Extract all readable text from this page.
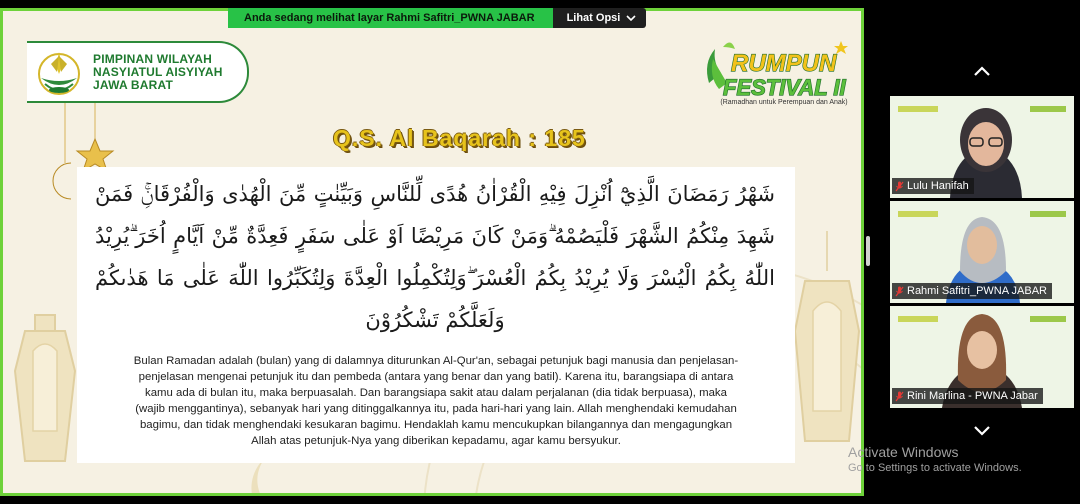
PIMPINAN WILAYAH
NASYIATUL AISYIYAH
JAWA BARAT
RUMPUN
FESTIVAL II
(Ramadhan untuk Perempuan dan Anak)
Q.S. Al Baqarah : 185
شَهْرُ رَمَضَانَ الَّذِيْٓ اُنْزِلَ فِيْهِ الْقُرْاٰنُ هُدًى لِّلنَّاسِ وَبَيِّنٰتٍ مِّنَ الْهُدٰى وَالْفُرْقَانِۚ فَمَنْ شَهِدَ مِنْكُمُ الشَّهْرَ فَلْيَصُمْهُ ۗوَمَنْ كَانَ مَرِيْضًا اَوْ عَلٰى سَفَرٍ فَعِدَّةٌ مِّنْ اَيَّامٍ اُخَرَ ۗيُرِيْدُ اللّٰهُ بِكُمُ الْيُسْرَ وَلَا يُرِيْدُ بِكُمُ الْعُسْرَ ۖوَلِتُكْمِلُوا الْعِدَّةَ وَلِتُكَبِّرُوا اللّٰهَ عَلٰى مَا هَدٰىكُمْ وَلَعَلَّكُمْ تَشْكُرُوْنَ
Bulan Ramadan adalah (bulan) yang di dalamnya diturunkan Al-Qur'an, sebagai petunjuk bagi manusia dan penjelasan-
penjelasan mengenai petunjuk itu dan pembeda (antara yang benar dan yang batil). Karena itu, barangsiapa di antara
kamu ada di bulan itu, maka berpuasalah. Dan barangsiapa sakit atau dalam perjalanan (dia tidak berpuasa), maka
(wajib menggantinya), sebanyak hari yang ditinggalkannya itu, pada hari-hari yang lain. Allah menghendaki kemudahan
bagimu, dan tidak menghendaki kesukaran bagimu. Hendaklah kamu mencukupkan bilangannya dan mengagungkan
Allah atas petunjuk-Nya yang diberikan kepadamu, agar kamu bersyukur.
Anda sedang melihat layar Rahmi Safitri_PWNA JABAR	Lihat Opsi
Lulu Hanifah
Rahmi Safitri_PWNA JABAR
Rini Marlina - PWNA Jabar
Activate Windows
Go to Settings to activate Windows.
